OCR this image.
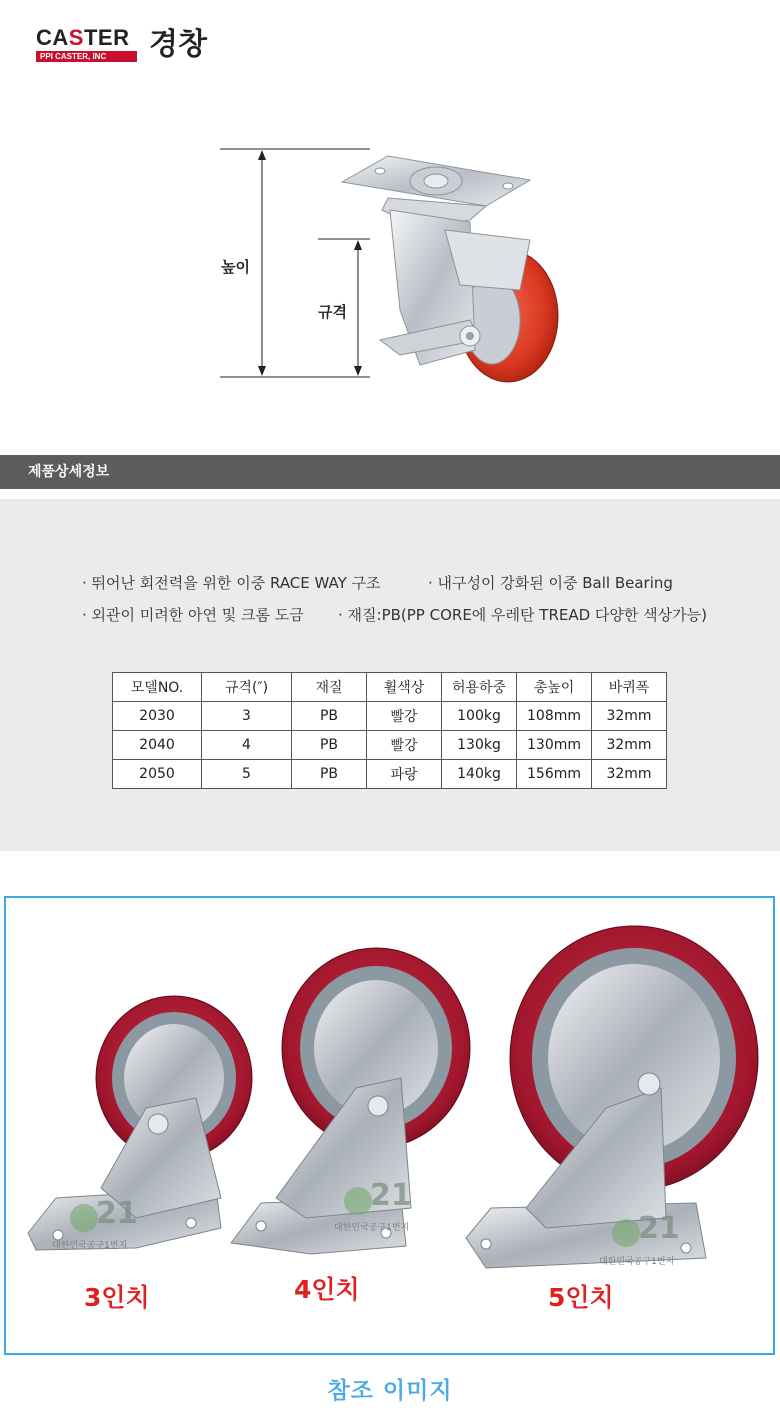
CASTER
PPI CASTER, INC	경창
높이
규격
제품상세정보
· 뛰어난 회전력을 위한 이중 RACE WAY 구조	· 내구성이 강화된 이중 Ball Bearing
· 외관이 미려한 아연 및 크롬 도금 · 재질:PB(PP CORE에 우레탄 TREAD 다양한 색상가능)
모델NO.	규격(″)	재질	휠색상	허용하중	총높이	바퀴폭
2030	3	PB	빨강	100kg	108mm	32mm
2040	4	PB	빨강	130kg	130mm	32mm
2050	5	PB	파랑	140kg	156mm	32mm
21
대한민국공구1번지
21
대한민국공구1번지	21
대한민국공구1번지
3인치	4인치	5인치
참조 이미지
